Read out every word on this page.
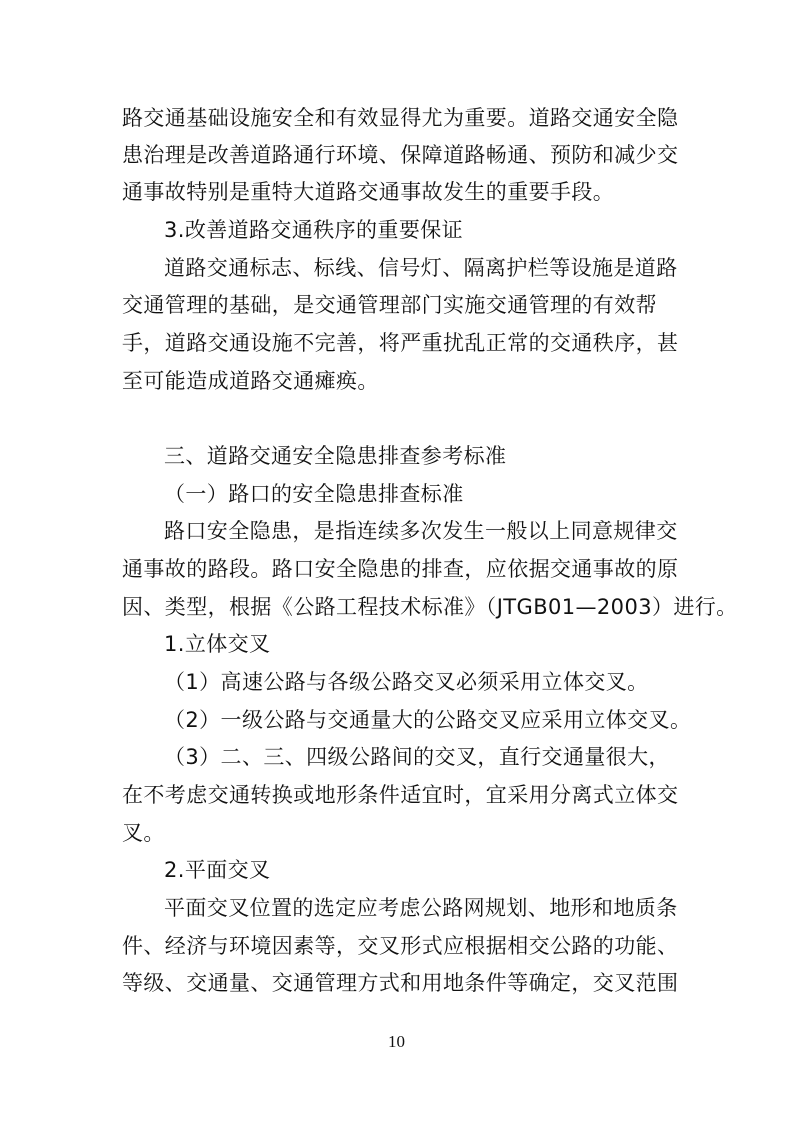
路交通基础设施安全和有效显得尤为重要。道路交通安全隐
患治理是改善道路通行环境、保障道路畅通、预防和减少交
通事故特别是重特大道路交通事故发生的重要手段。
3.改善道路交通秩序的重要保证
道路交通标志、标线、信号灯、隔离护栏等设施是道路
交通管理的基础，是交通管理部门实施交通管理的有效帮
手，道路交通设施不完善，将严重扰乱正常的交通秩序，甚
至可能造成道路交通瘫痪。
三、道路交通安全隐患排查参考标准
（一）路口的安全隐患排查标准
路口安全隐患，是指连续多次发生一般以上同意规律交
通事故的路段。路口安全隐患的排查，应依据交通事故的原
因、类型，根据《公路工程技术标准》（JTGB01—2003）进行。
1.立体交叉
（1）高速公路与各级公路交叉必须采用立体交叉。
（2）一级公路与交通量大的公路交叉应采用立体交叉。
（3）二、三、四级公路间的交叉，直行交通量很大，
在不考虑交通转换或地形条件适宜时，宜采用分离式立体交
叉。
2.平面交叉
平面交叉位置的选定应考虑公路网规划、地形和地质条
件、经济与环境因素等，交叉形式应根据相交公路的功能、
等级、交通量、交通管理方式和用地条件等确定，交叉范围
10
